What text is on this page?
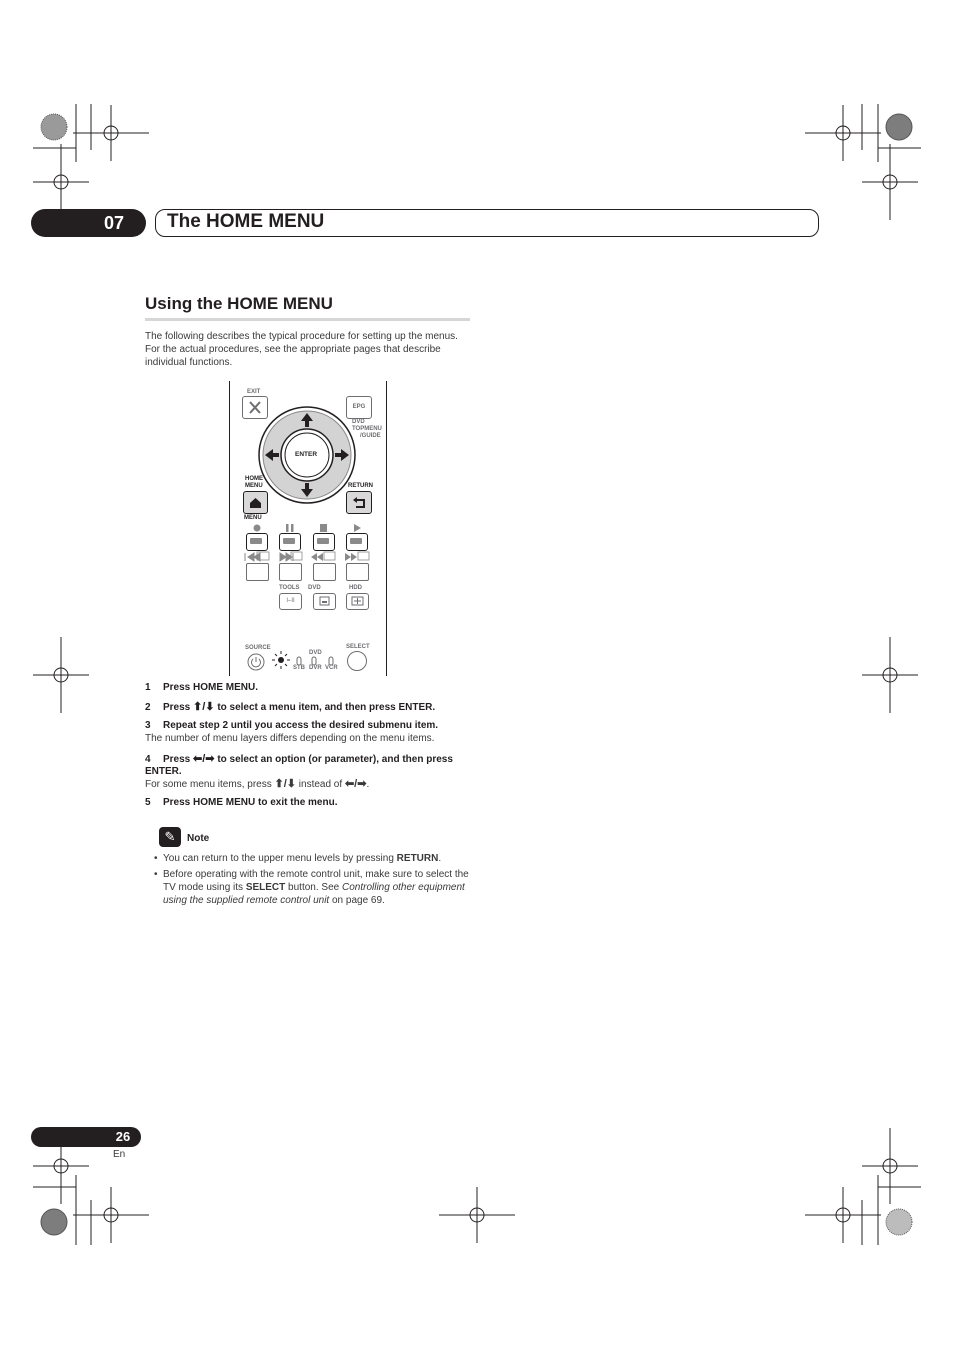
07	The HOME MENU
Using the HOME MENU
The following describes the typical procedure for setting up the menus. For the actual procedures, see the appropriate pages that describe individual functions.
EXIT
EPG
DVD
TOPMENU
/GUIDE
ENTER
HOME
MENU
MENU
RETURN
TOOLS DVD	HDD
I–II
SOURCE
DVD
STB DVR VCR
SELECT
1 Press HOME MENU.
2 Press ⬆/⬇ to select a menu item, and then press ENTER.
3 Repeat step 2 until you access the desired submenu item.
The number of menu layers differs depending on the menu items.
4 Press ⬅/➡ to select an option (or parameter), and then press ENTER.
For some menu items, press ⬆/⬇ instead of ⬅/➡.
5 Press HOME MENU to exit the menu.
✎	Note
• You can return to the upper menu levels by pressing RETURN.
• Before operating with the remote control unit, make sure to select the TV mode using its SELECT button. See Controlling other equipment using the supplied remote control unit on page 69.
26
En
